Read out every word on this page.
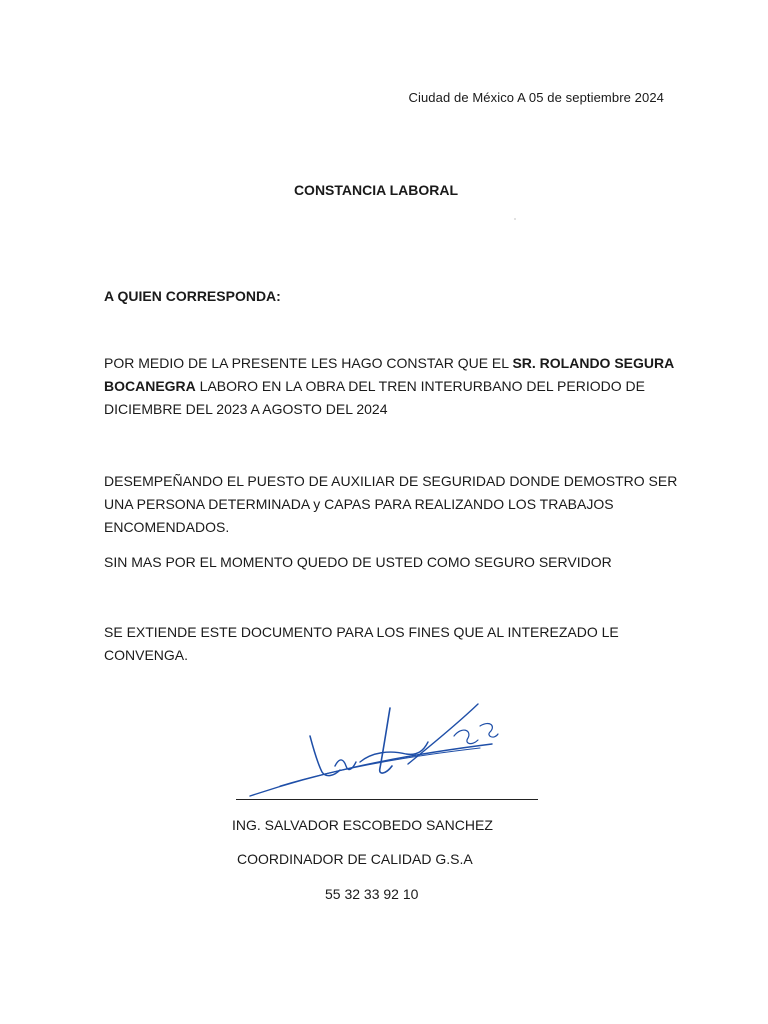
Ciudad de México A 05 de septiembre 2024
CONSTANCIA LABORAL
A QUIEN CORRESPONDA:
POR MEDIO DE LA PRESENTE LES HAGO CONSTAR QUE EL SR. ROLANDO SEGURA BOCANEGRA LABORO EN LA OBRA DEL TREN INTERURBANO DEL PERIODO DE DICIEMBRE DEL 2023 A AGOSTO DEL 2024
DESEMPEÑANDO EL PUESTO DE AUXILIAR DE SEGURIDAD DONDE DEMOSTRO SER UNA PERSONA DETERMINADA y CAPAS PARA REALIZANDO LOS TRABAJOS ENCOMENDADOS.
SIN MAS POR EL MOMENTO QUEDO DE USTED COMO SEGURO SERVIDOR
SE EXTIENDE ESTE DOCUMENTO PARA LOS FINES QUE AL INTEREZADO LE CONVENGA.
ING. SALVADOR ESCOBEDO SANCHEZ
COORDINADOR DE CALIDAD G.S.A
55 32 33 92 10
